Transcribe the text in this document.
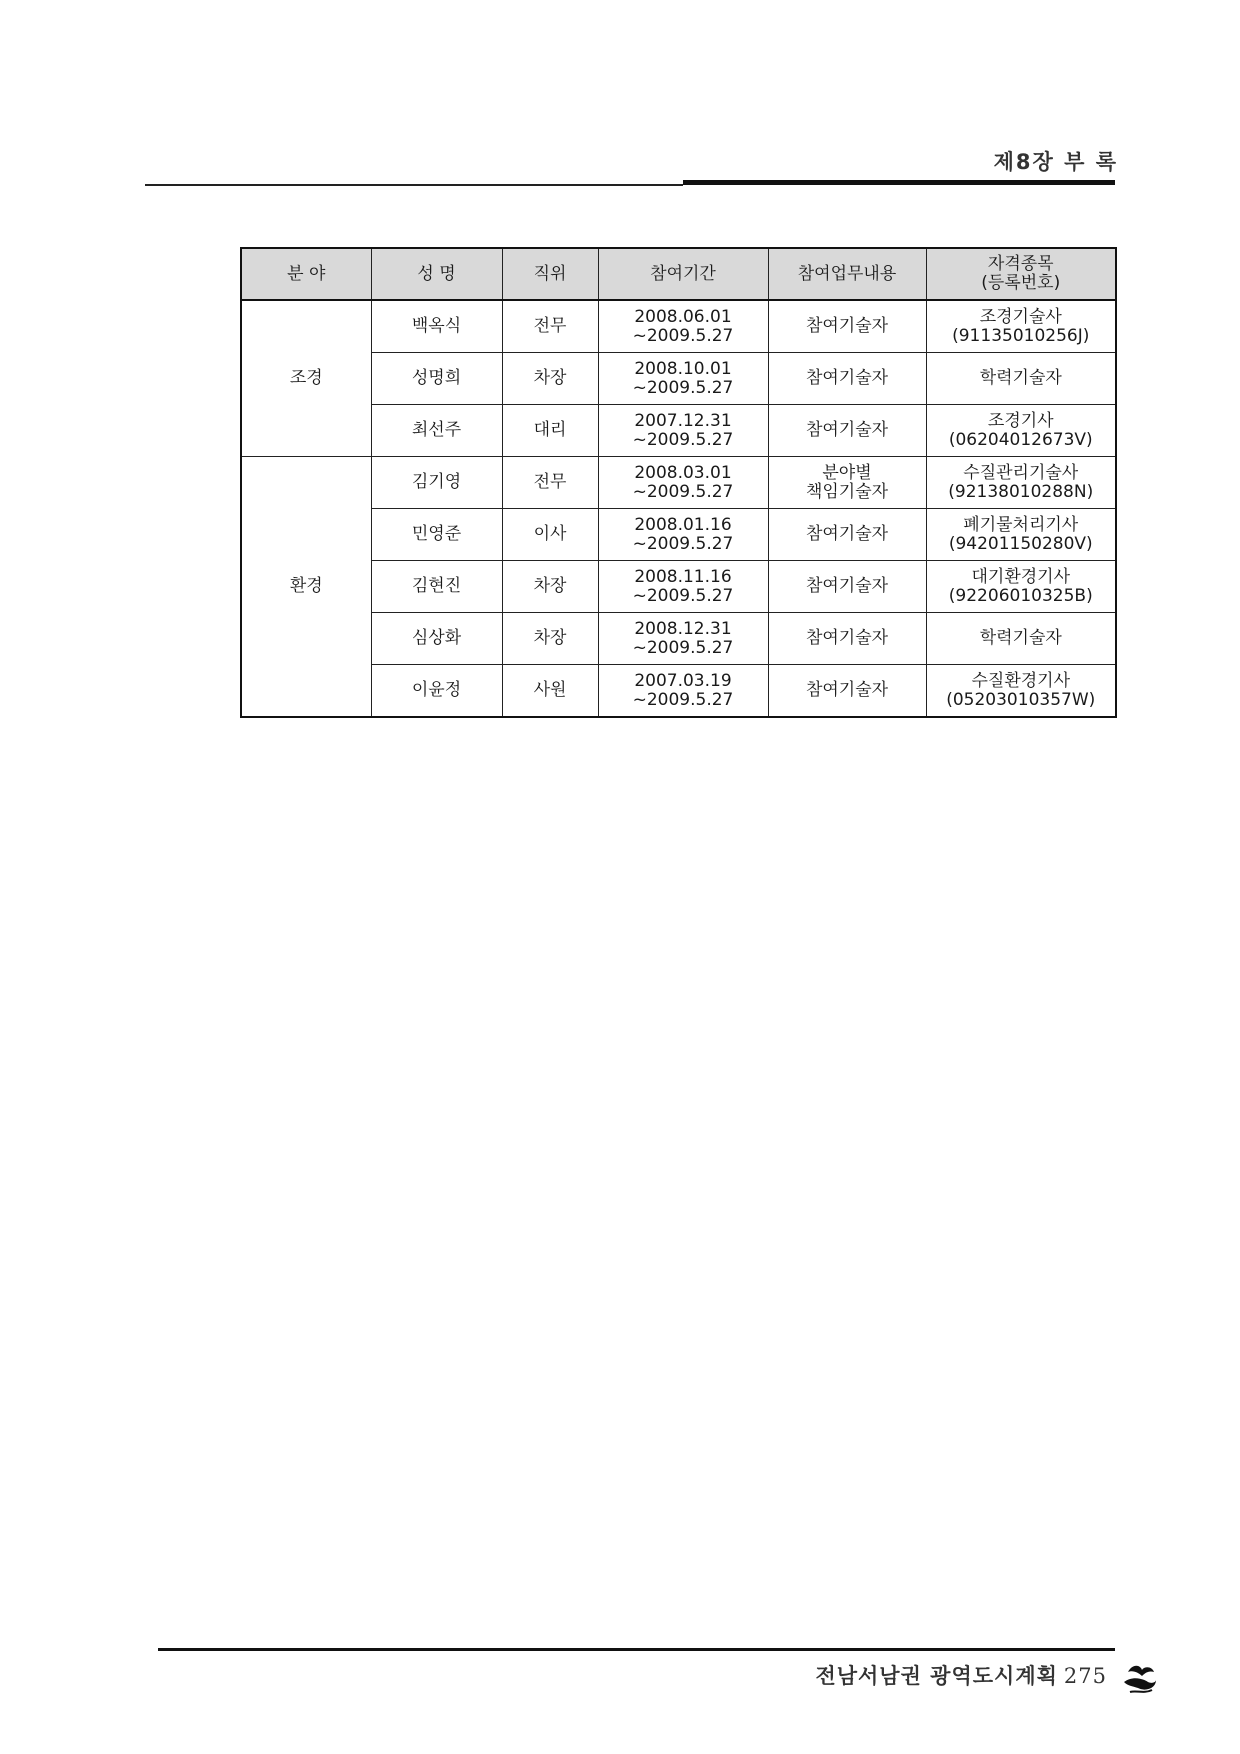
제8장 부 록
분 야	성 명	직위	참여기간	참여업무내용	자격종목
(등록번호)

조경	백옥식	전무	2008.06.01
~2009.5.27	참여기술자	조경기술사
(91135010256J)

	성명희	차장	2008.10.01
~2009.5.27	참여기술자	학력기술자

	최선주	대리	2007.12.31
~2009.5.27	참여기술자	조경기사
(06204012673V)

환경	김기영	전무	2008.03.01
~2009.5.27	분야별
책임기술자	수질관리기술사
(92138010288N)

	민영준	이사	2008.01.16
~2009.5.27	참여기술자	폐기물처리기사
(94201150280V)

	김현진	차장	2008.11.16
~2009.5.27	참여기술자	대기환경기사
(92206010325B)

	심상화	차장	2008.12.31
~2009.5.27	참여기술자	학력기술자

	이윤정	사원	2007.03.19
~2009.5.27	참여기술자	수질환경기사
(05203010357W)
전남서남권 광역도시계획 275
